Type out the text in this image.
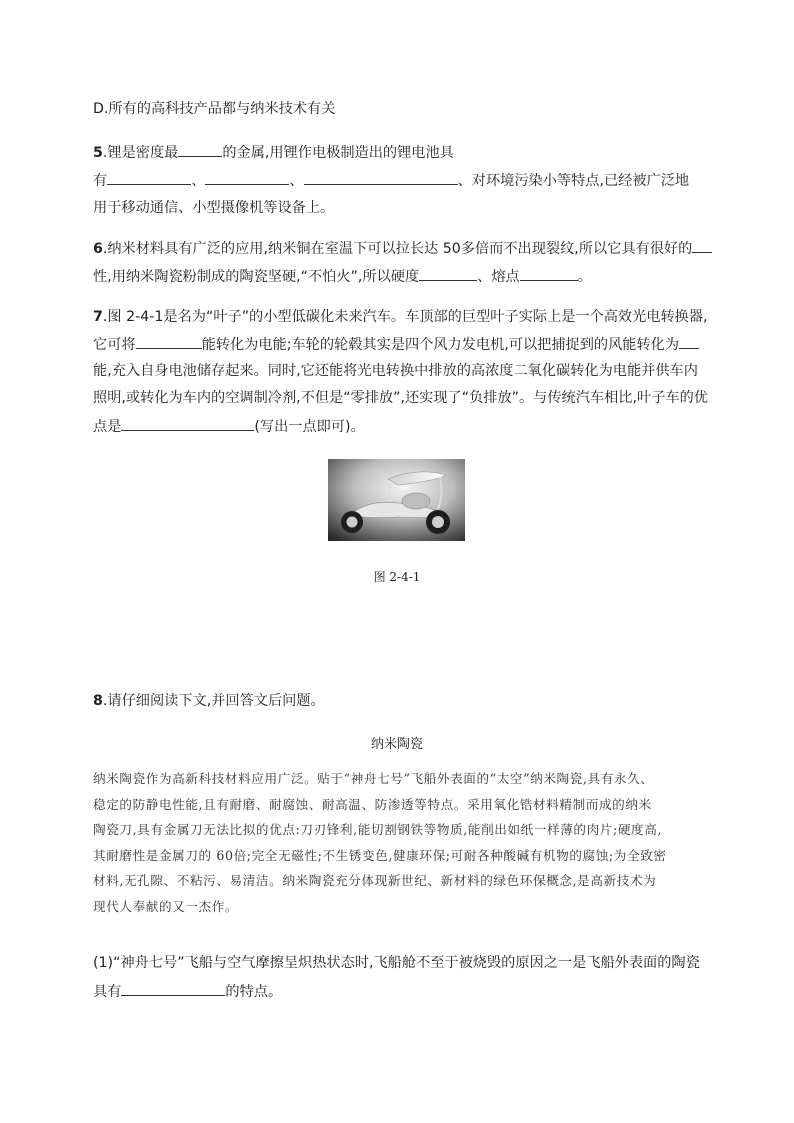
D.所有的高科技产品都与纳米技术有关
5.锂是密度最	的金属,用锂作电极制造出的锂电池具
有	、	、	、对环境污染小等特点,已经被广泛地
用于移动通信、小型摄像机等设备上。
6.纳米材料具有广泛的应用,纳米铜在室温下可以拉长达 50多倍而不出现裂纹,所以它具有很好的
性,用纳米陶瓷粉制成的陶瓷坚硬,“不怕火”,所以硬度	、熔点	。
7.图 2-4-1是名为“叶子”的小型低碳化未来汽车。车顶部的巨型叶子实际上是一个高效光电转换器,
它可将	能转化为电能;车轮的轮毂其实是四个风力发电机,可以把捕捉到的风能转化为
能,充入自身电池储存起来。同时,它还能将光电转换中排放的高浓度二氧化碳转化为电能并供车内
照明,或转化为车内的空调制冷剂,不但是“零排放”,还实现了“负排放”。与传统汽车相比,叶子车的优
点是	(写出一点即可)。
图 2-4-1
8.请仔细阅读下文,并回答文后问题。
纳米陶瓷

纳米陶瓷作为高新科技材料应用广泛。贴于“神舟七号”飞船外表面的“太空”纳米陶瓷,具有永久、

稳定的防静电性能,且有耐磨、耐腐蚀、耐高温、防渗透等特点。采用氧化锆材料精制而成的纳米

陶瓷刀,具有金属刀无法比拟的优点:刀刃锋利,能切割钢铁等物质,能削出如纸一样薄的肉片;硬度高,

其耐磨性是金属刀的 60倍;完全无磁性;不生锈变色,健康环保;可耐各种酸碱有机物的腐蚀;为全致密

材料,无孔隙、不粘污、易清洁。纳米陶瓷充分体现新世纪、新材料的绿色环保概念,是高新技术为

现代人奉献的又一杰作。

(1)“神舟七号”飞船与空气摩擦呈炽热状态时,飞船舱不至于被烧毁的原因之一是飞船外表面的陶瓷
具有	的特点。
